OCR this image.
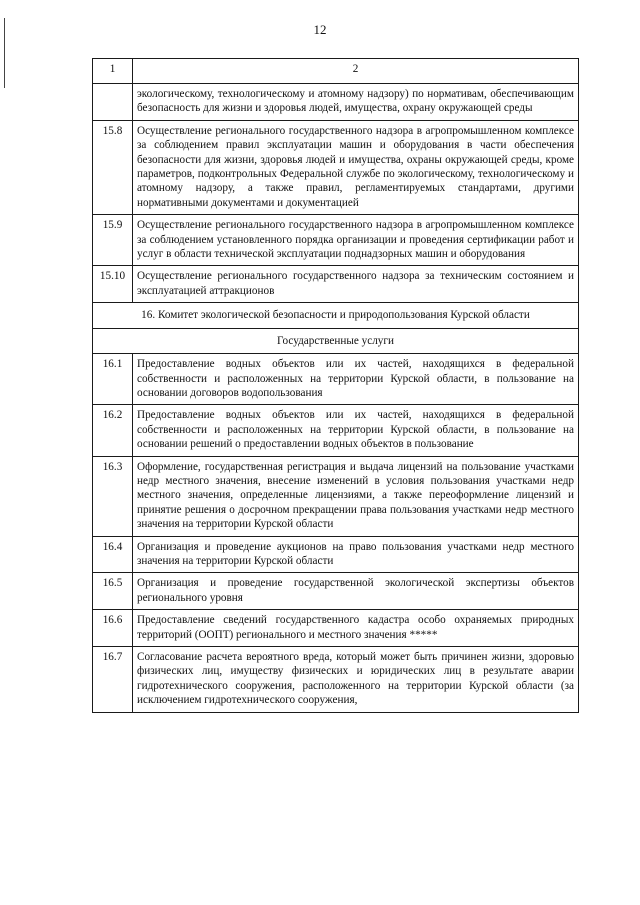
12
1	2
	экологическому, технологическому и атомному надзору) по нормативам, обеспечивающим безопасность для жизни и здоровья людей, имущества, охрану окружающей среды
15.8	Осуществление регионального государственного надзора в агропромышленном комплексе за соблюдением правил эксплуатации машин и оборудования в части обеспечения безопасности для жизни, здоровья людей и имущества, охраны окружающей среды, кроме параметров, подконтрольных Федеральной службе по экологическому, технологическому и атомному надзору, а также правил, регламентируемых стандартами, другими нормативными документами и документацией
15.9	Осуществление регионального государственного надзора в агропромышленном комплексе за соблюдением установленного порядка организации и проведения сертификации работ и услуг в области технической эксплуатации поднадзорных машин и оборудования
15.10	Осуществление регионального государственного надзора за техническим состоянием и эксплуатацией аттракционов
16. Комитет экологической безопасности и природопользования Курской области	
Государственные услуги	
16.1	Предоставление водных объектов или их частей, находящихся в федеральной собственности и расположенных на территории Курской области, в пользование на основании договоров водопользования
16.2	Предоставление водных объектов или их частей, находящихся в федеральной собственности и расположенных на территории Курской области, в пользование на основании решений о предоставлении водных объектов в пользование
16.3	Оформление, государственная регистрация и выдача лицензий на пользование участками недр местного значения, внесение изменений в условия пользования участками недр местного значения, определенные лицензиями, а также переоформление лицензий и принятие решения о досрочном прекращении права пользования участками недр местного значения на территории Курской области
16.4	Организация и проведение аукционов на право пользования участками недр местного значения на территории Курской области
16.5	Организация и проведение государственной экологической экспертизы объектов регионального уровня
16.6	Предоставление сведений государственного кадастра особо охраняемых природных территорий (ООПТ) регионального и местного значения *****
16.7	Согласование расчета вероятного вреда, который может быть причинен жизни, здоровью физических лиц, имуществу физических и юридических лиц в результате аварии гидротехнического сооружения, расположенного на территории Курской области (за исключением гидротехнического сооружения,
